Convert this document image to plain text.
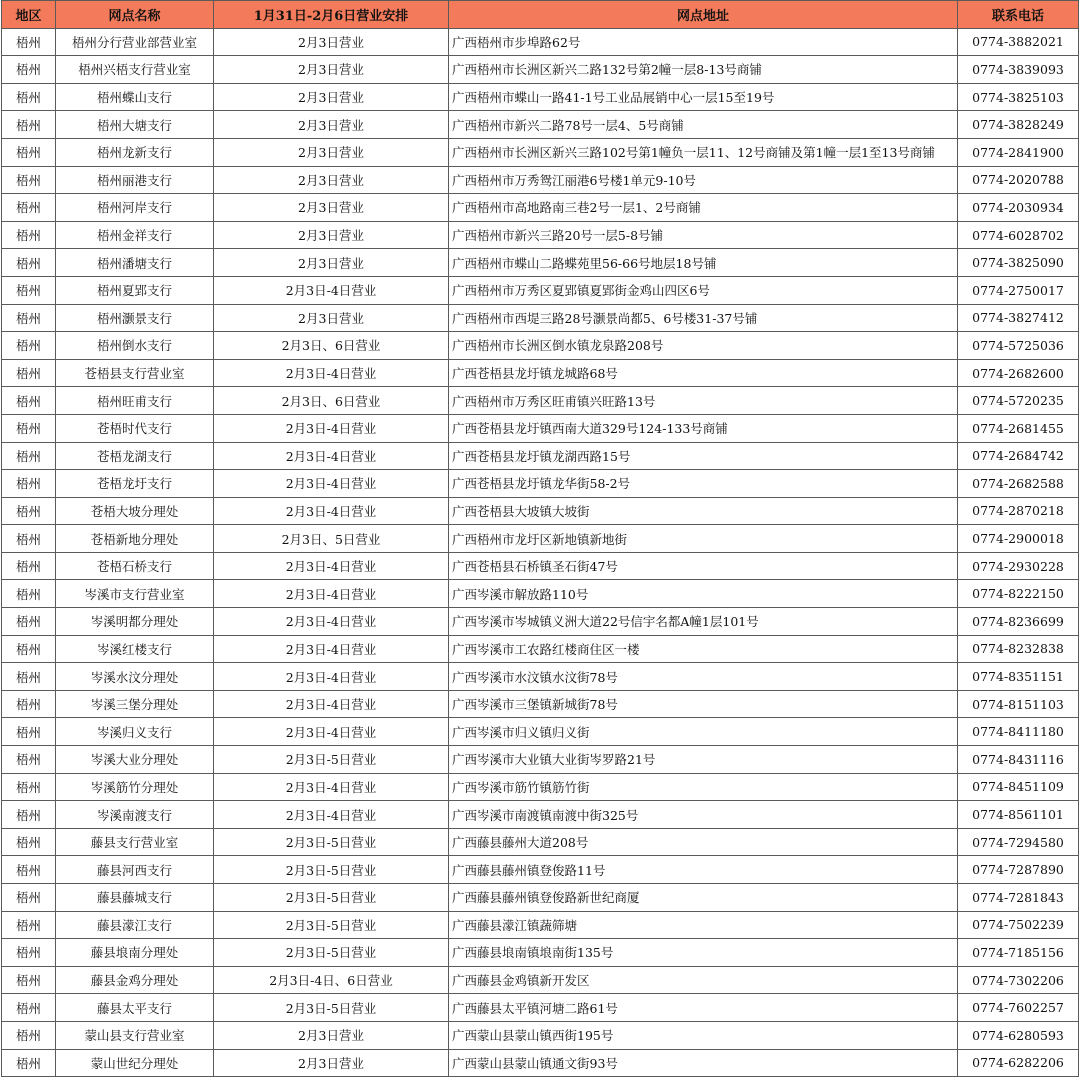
地区	网点名称	1月31日-2月6日营业安排	网点地址	联系电话
梧州	梧州分行营业部营业室	2月3日营业	广西梧州市步埠路62号	0774-3882021
梧州	梧州兴梧支行营业室	2月3日营业	广西梧州市长洲区新兴二路132号第2幢一层8-13号商铺	0774-3839093
梧州	梧州蝶山支行	2月3日营业	广西梧州市蝶山一路41-1号工业品展销中心一层15至19号	0774-3825103
梧州	梧州大塘支行	2月3日营业	广西梧州市新兴二路78号一层4、5号商铺	0774-3828249
梧州	梧州龙新支行	2月3日营业	广西梧州市长洲区新兴三路102号第1幢负一层11、12号商铺及第1幢一层1至13号商铺	0774-2841900
梧州	梧州丽港支行	2月3日营业	广西梧州市万秀鸳江丽港6号楼1单元9-10号	0774-2020788
梧州	梧州河岸支行	2月3日营业	广西梧州市高地路南三巷2号一层1、2号商铺	0774-2030934
梧州	梧州金祥支行	2月3日营业	广西梧州市新兴三路20号一层5-8号铺	0774-6028702
梧州	梧州潘塘支行	2月3日营业	广西梧州市蝶山二路蝶苑里56-66号地层18号铺	0774-3825090
梧州	梧州夏郢支行	2月3日-4日营业	广西梧州市万秀区夏郢镇夏郢街金鸡山四区6号	0774-2750017
梧州	梧州灏景支行	2月3日营业	广西梧州市西堤三路28号灏景尚都5、6号楼31-37号铺	0774-3827412
梧州	梧州倒水支行	2月3日、6日营业	广西梧州市长洲区倒水镇龙泉路208号	0774-5725036
梧州	苍梧县支行营业室	2月3日-4日营业	广西苍梧县龙圩镇龙城路68号	0774-2682600
梧州	梧州旺甫支行	2月3日、6日营业	广西梧州市万秀区旺甫镇兴旺路13号	0774-5720235
梧州	苍梧时代支行	2月3日-4日营业	广西苍梧县龙圩镇西南大道329号124-133号商铺	0774-2681455
梧州	苍梧龙湖支行	2月3日-4日营业	广西苍梧县龙圩镇龙湖西路15号	0774-2684742
梧州	苍梧龙圩支行	2月3日-4日营业	广西苍梧县龙圩镇龙华街58-2号	0774-2682588
梧州	苍梧大坡分理处	2月3日-4日营业	广西苍梧县大坡镇大坡街	0774-2870218
梧州	苍梧新地分理处	2月3日、5日营业	广西梧州市龙圩区新地镇新地街	0774-2900018
梧州	苍梧石桥支行	2月3日-4日营业	广西苍梧县石桥镇圣石街47号	0774-2930228
梧州	岑溪市支行营业室	2月3日-4日营业	广西岑溪市解放路110号	0774-8222150
梧州	岑溪明都分理处	2月3日-4日营业	广西岑溪市岑城镇义洲大道22号信宇名都A幢1层101号	0774-8236699
梧州	岑溪红楼支行	2月3日-4日营业	广西岑溪市工农路红楼商住区一楼	0774-8232838
梧州	岑溪水汶分理处	2月3日-4日营业	广西岑溪市水汶镇水汶街78号	0774-8351151
梧州	岑溪三堡分理处	2月3日-4日营业	广西岑溪市三堡镇新城街78号	0774-8151103
梧州	岑溪归义支行	2月3日-4日营业	广西岑溪市归义镇归义街	0774-8411180
梧州	岑溪大业分理处	2月3日-5日营业	广西岑溪市大业镇大业街岑罗路21号	0774-8431116
梧州	岑溪筋竹分理处	2月3日-4日营业	广西岑溪市筋竹镇筋竹街	0774-8451109
梧州	岑溪南渡支行	2月3日-4日营业	广西岑溪市南渡镇南渡中街325号	0774-8561101
梧州	藤县支行营业室	2月3日-5日营业	广西藤县藤州大道208号	0774-7294580
梧州	藤县河西支行	2月3日-5日营业	广西藤县藤州镇登俊路11号	0774-7287890
梧州	藤县藤城支行	2月3日-5日营业	广西藤县藤州镇登俊路新世纪商厦	0774-7281843
梧州	藤县濛江支行	2月3日-5日营业	广西藤县濛江镇蔬筛塘	0774-7502239
梧州	藤县埌南分理处	2月3日-5日营业	广西藤县埌南镇埌南街135号	0774-7185156
梧州	藤县金鸡分理处	2月3日-4日、6日营业	广西藤县金鸡镇新开发区	0774-7302206
梧州	藤县太平支行	2月3日-5日营业	广西藤县太平镇河塘二路61号	0774-7602257
梧州	蒙山县支行营业室	2月3日营业	广西蒙山县蒙山镇西街195号	0774-6280593
梧州	蒙山世纪分理处	2月3日营业	广西蒙山县蒙山镇通文街93号	0774-6282206
